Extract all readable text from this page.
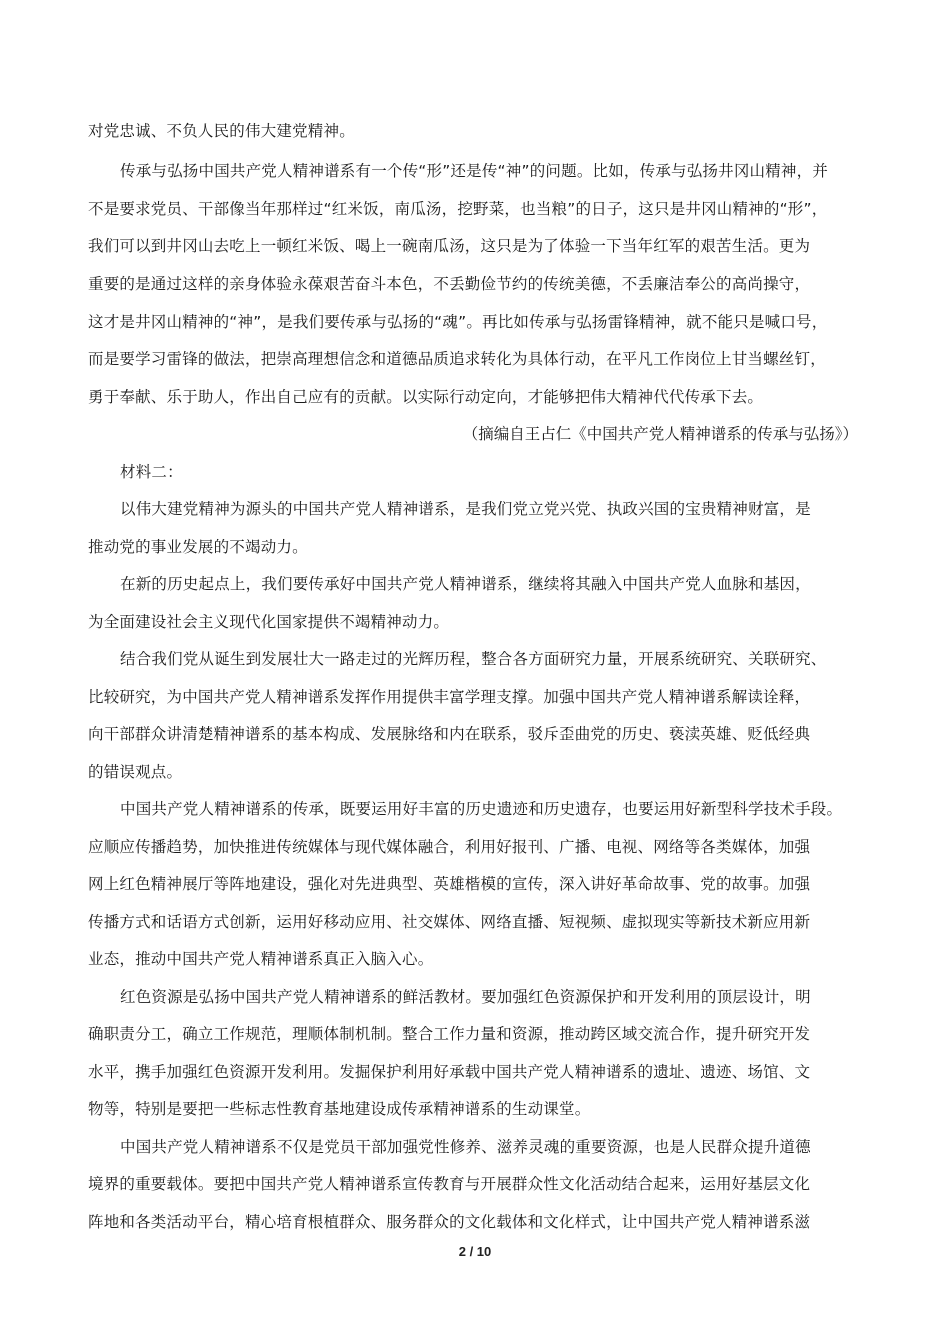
对党忠诚、不负人民的伟大建党精神。

传承与弘扬中国共产党人精神谱系有一个传“形”还是传“神”的问题。比如，传承与弘扬井冈山精神，并

不是要求党员、干部像当年那样过“红米饭，南瓜汤，挖野菜，也当粮”的日子，这只是井冈山精神的“形”，

我们可以到井冈山去吃上一顿红米饭、喝上一碗南瓜汤，这只是为了体验一下当年红军的艰苦生活。更为

重要的是通过这样的亲身体验永葆艰苦奋斗本色，不丢勤俭节约的传统美德，不丢廉洁奉公的高尚操守，

这才是井冈山精神的“神”，是我们要传承与弘扬的“魂”。再比如传承与弘扬雷锋精神，就不能只是喊口号，

而是要学习雷锋的做法，把崇高理想信念和道德品质追求转化为具体行动，在平凡工作岗位上甘当螺丝钉，

勇于奉献、乐于助人，作出自己应有的贡献。以实际行动定向，才能够把伟大精神代代传承下去。

（摘编自王占仁《中国共产党人精神谱系的传承与弘扬》）

材料二：

以伟大建党精神为源头的中国共产党人精神谱系，是我们党立党兴党、执政兴国的宝贵精神财富，是

推动党的事业发展的不竭动力。

在新的历史起点上，我们要传承好中国共产党人精神谱系，继续将其融入中国共产党人血脉和基因，

为全面建设社会主义现代化国家提供不竭精神动力。

结合我们党从诞生到发展壮大一路走过的光辉历程，整合各方面研究力量，开展系统研究、关联研究、

比较研究，为中国共产党人精神谱系发挥作用提供丰富学理支撑。加强中国共产党人精神谱系解读诠释，

向干部群众讲清楚精神谱系的基本构成、发展脉络和内在联系，驳斥歪曲党的历史、亵渎英雄、贬低经典

的错误观点。

中国共产党人精神谱系的传承，既要运用好丰富的历史遗迹和历史遗存，也要运用好新型科学技术手段。

应顺应传播趋势，加快推进传统媒体与现代媒体融合，利用好报刊、广播、电视、网络等各类媒体，加强

网上红色精神展厅等阵地建设，强化对先进典型、英雄楷模的宣传，深入讲好革命故事、党的故事。加强

传播方式和话语方式创新，运用好移动应用、社交媒体、网络直播、短视频、虚拟现实等新技术新应用新

业态，推动中国共产党人精神谱系真正入脑入心。

红色资源是弘扬中国共产党人精神谱系的鲜活教材。要加强红色资源保护和开发利用的顶层设计，明

确职责分工，确立工作规范，理顺体制机制。整合工作力量和资源，推动跨区域交流合作，提升研究开发

水平，携手加强红色资源开发利用。发掘保护利用好承载中国共产党人精神谱系的遗址、遗迹、场馆、文

物等，特别是要把一些标志性教育基地建设成传承精神谱系的生动课堂。

中国共产党人精神谱系不仅是党员干部加强党性修养、滋养灵魂的重要资源，也是人民群众提升道德

境界的重要载体。要把中国共产党人精神谱系宣传教育与开展群众性文化活动结合起来，运用好基层文化

阵地和各类活动平台，精心培育根植群众、服务群众的文化载体和文化样式，让中国共产党人精神谱系滋

2 / 10
